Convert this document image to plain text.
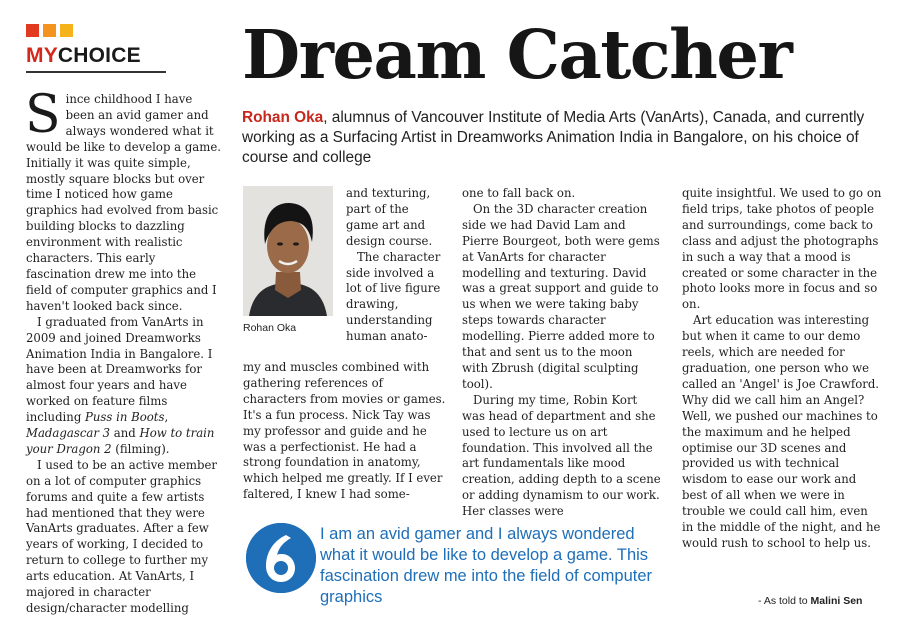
MYCHOICE Dream Catcher
Rohan Oka, alumnus of Vancouver Institute of Media Arts (VanArts), Canada, and currently working as a Surfacing Artist in Dreamworks Animation India in Bangalore, on his choice of course and college

Since childhood I have been an avid gamer and always wondered what it would be like to develop a game. Initially it was quite simple, mostly square blocks but over time I noticed how game graphics had evolved from basic building blocks to dazzling environment with realistic characters. This early fascination drew me into the field of computer graphics and I haven't looked back since.

I graduated from VanArts in 2009 and joined Dreamworks Animation India in Bangalore. I have been at Dreamworks for almost four years and have worked on feature films including Puss in Boots, Madagascar 3 and How to train your Dragon 2 (filming).

I used to be an active member on a lot of computer graphics forums and quite a few artists had mentioned that they were VanArts graduates. After a few years of working, I decided to return to college to further my arts education. At VanArts, I majored in character design/character modelling

Rohan Oka

and texturing, part of the game art and design course.

The character side involved a lot of live figure drawing, understanding human anato-

my and muscles combined with gathering references of characters from movies or games. It's a fun process. Nick Tay was my professor and guide and he was a perfectionist. He had a strong foundation in anatomy, which helped me greatly. If I ever faltered, I knew I had some-

one to fall back on.

On the 3D character creation side we had David Lam and Pierre Bourgeot, both were gems at VanArts for character modelling and texturing. David was a great support and guide to us when we were taking baby steps towards character modelling. Pierre added more to that and sent us to the moon with Zbrush (digital sculpting tool).

During my time, Robin Kort was head of department and she used to lecture us on art foundation. This involved all the art fundamentals like mood creation, adding depth to a scene or adding dynamism to our work. Her classes were

quite insightful. We used to go on field trips, take photos of people and surroundings, come back to class and adjust the photographs in such a way that a mood is created or some character in the photo looks more in focus and so on.

Art education was interesting but when it came to our demo reels, which are needed for graduation, one person who we called an 'Angel' is Joe Crawford. Why did we call him an Angel? Well, we pushed our machines to the maximum and he helped optimise our 3D scenes and provided us with technical wisdom to ease our work and best of all when we were in trouble we could call him, even in the middle of the night, and he would rush to school to help us.

I am an avid gamer and I always wondered what it would be like to develop a game. This fascination drew me into the field of computer graphics	- As told to Malini Sen
